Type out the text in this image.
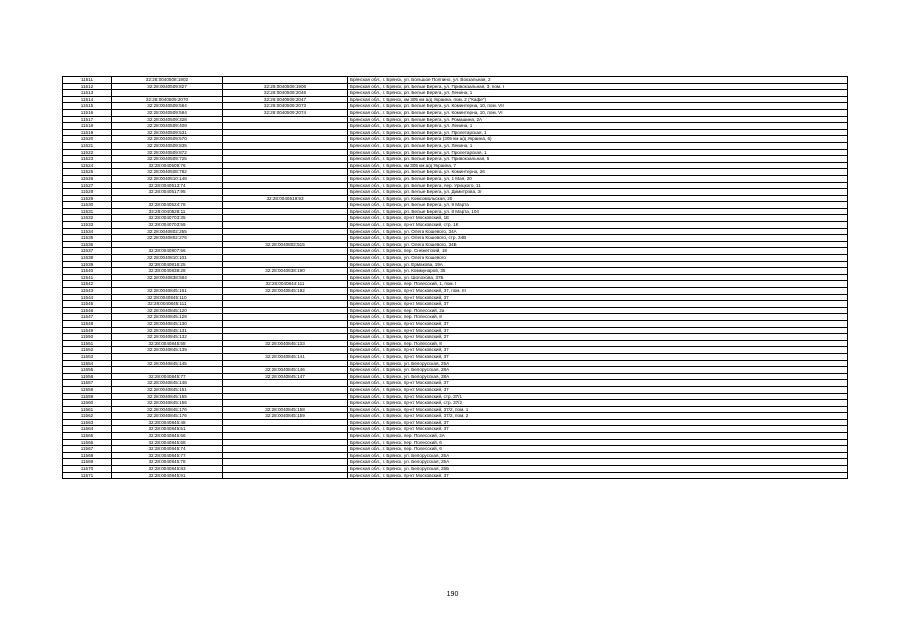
11511	32:28:0040508:1902		Брянская обл., г. Брянск, ул. Большое Полпино, ул. Вокзальная, 2
11512	32:28:0040509:827	32:28:0040509:1906	Брянская обл., г. Брянск, рп. Белые Берега, ул. Привокзальная, 3, пом. I
11513		32:28:0040509:2046	Брянская обл., г. Брянск, рп. Белые Берега, ул. Ленина, 1
11514	32:28:0040509:2070	32:28:0040509:2047	Брянская обл., г. Брянск, км 305 км а/д Украина, пом. 2 ("Кафе")
11515	32:28:0040509:584	32:28:0040509:2073	Брянская обл., г. Брянск, рп. Белые Берега, ул. Коминтерна, 10, пом. VII
11516	32:28:0040509:584	32:28:0040509:2074	Брянская обл., г. Брянск, рп. Белые Берега, ул. Коминтерна, 10, пом. VI
11517	32:28:0040509:328		Брянская обл., г. Брянск, рп. Белые Берега, ул. Ромашина, 2А
11518	32:28:0040509:409		Брянская обл., г. Брянск, рп. Белые Берега, ул. Ленина, 1
11519	32:28:0040509:531		Брянская обл., г. Брянск, рп. Белые Берега, ул. Пролетарская, 1
11520	32:28:0040509:570		Брянская обл., г. Брянск, рп. Белые Берега (305 км а/д Украина, 6)
11521	32:28:0040509:835		Брянская обл., г. Брянск, рп. Белые Берега, ул. Ленина, 1
11522	32:28:0040509:872		Брянская обл., г. Брянск, рп. Белые Берега, ул. Пролетарская, 1
11523	32:28:0040509:725		Брянская обл., г. Брянск, рп. Белые Берега, ул. Привокзальная, 5
11524	32:28:0040509:76		Брянская обл., г. Брянск, км 305 км а/д Украина, 7
11525	32:28:0040508:782		Брянская обл., г. Брянск, рп. Белые Берега, ул. Коминтерна, 26
11526	32:28:0040510:148		Брянская обл., г. Брянск, рп. Белые Берега, ул. 1 Мая, 20
11527	32:28:0040513:74		Брянская обл., г. Брянск, рп. Белые Берега, пер. Урицкого, 11
11528	32:28:0040517:95		Брянская обл., г. Брянск, рп. Белые Берега, ул. Димитрова, 3г
11529		32:28:0040518:93	Брянская обл., г. Брянск, ул. Комсомольская, 20
11530	32:28:0040524:78		Брянская обл., г. Брянск, рп. Белые Берега, ул. 8 Марта
11531	32:28:0040528:11		Брянская обл., г. Брянск, рп. Белые Берега, ул. 8 Марта, 104
11532	32:28:0040703:35		Брянская обл., г. Брянск, пр-кт Московский, 1Е
11533	32:28:0040703:59		Брянская обл., г. Брянск, пр-кт Московский, стр. 1К
11534	32:28:0040802:255		Брянская обл., г. Брянск, ул. Олега Кошевого, 34А
11535	32:28:0040802:276		Брянская обл., г. Брянск, ул. Олега Кошевого, стр. 34В
11536		32:28:0040802:515	Брянская обл., г. Брянск, ул. Олега Кошевого, 34Б
11537	32:28:0040807:56		Брянская обл., г. Брянск, пер. Снежетский, 18
11538	32:28:0040810:101		Брянская обл., г. Брянск, ул. Олега Кошевого
11539	32:28:0040816:25		Брянская обл., г. Брянск, ул. Ермакова, 19А
11540	32:28:0040838:28	32:28:0040838:190	Брянская обл., г. Брянск, ул. Коммунаров, 35
11541	32:28:0040838:584		Брянская обл., г. Брянск, ул. Шолохова, 37Б
11542		32:28:0040844:111	Брянская обл., г. Брянск, пер. Полесский, 1, пом. I
11543	32:28:0040845:161	32:28:0040845:192	Брянская обл., г. Брянск, пр-кт Московский, 37, пом. III
11544	32:28:0040845:110		Брянская обл., г. Брянск, пр-кт Московский, 37
11545	32:28:0040845:111		Брянская обл., г. Брянск, пр-кт Московский, 37
11546	32:28:0040845:120		Брянская обл., г. Брянск, пер. Полесский, 2а
11547	32:28:0040845:129		Брянская обл., г. Брянск, пер. Полесский, 8
11548	32:28:0040845:130		Брянская обл., г. Брянск, пр-кт Московский, 37
11549	32:28:0040845:131		Брянская обл., г. Брянск, пр-кт Московский, 37
11550	32:28:0040845:132		Брянская обл., г. Брянск, пр-кт Московский, 37
11551	32:28:0040845:58	32:28:0040845:133	Брянская обл., г. Брянск, пер. Полесский, 8
11552	32:28:0040845:139		Брянская обл., г. Брянск, пр-кт Московский, 37
11553		32:28:0040845:141	Брянская обл., г. Брянск, пр-кт Московский, 37
11554	32:28:0040845:145		Брянская обл., г. Брянск, ул. Белорусская, 25А
11555		32:28:0040845:146	Брянская обл., г. Брянск, ул. Белорусская, 28А
11556	32:28:0040845:77	32:28:0040845:147	Брянская обл., г. Брянск, ул. Белорусская, 28А
11557	32:28:0040845:148		Брянская обл., г. Брянск, пр-кт Московский, 37
11558	32:28:0040845:151		Брянская обл., г. Брянск, пр-кт Московский, 37
11559	32:28:0040845:155		Брянская обл., г. Брянск, пр-кт Московский, стр. 37/1
11560	32:28:0040845:156		Брянская обл., г. Брянск, пр-кт Московский, стр. 37/2
11561	32:28:0040845:176	32:28:0040845:158	Брянская обл., г. Брянск, пр-кт Московский, 37/2, пом. 1
11562	32:28:0040845:176	32:28:0040845:159	Брянская обл., г. Брянск, пр-кт Московский, 37/2, пом. 2
11563	32:28:0040845:48		Брянская обл., г. Брянск, пр-кт Московский, 37
11564	32:28:0040845:51		Брянская обл., г. Брянск, пр-кт Московский, 37
11565	32:28:0040845:56		Брянская обл., г. Брянск, пер. Полесский, 2А
11566	32:28:0040845:68		Брянская обл., г. Брянск, пер. Полесский, 6
11567	32:28:0040845:74		Брянская обл., г. Брянск, пер. Полесский, 6
11568	32:28:0040845:77		Брянская обл., г. Брянск, ул. Белорусская, 25А
11569	32:28:0040845:78		Брянская обл., г. Брянск, ул. Белорусская, 25А
11570	32:28:0040845:83		Брянская обл., г. Брянск, ул. Белорусская, 25Б
11571	32:28:0040845:91		Брянская обл., г. Брянск, пр-кт Московский, 37
190
